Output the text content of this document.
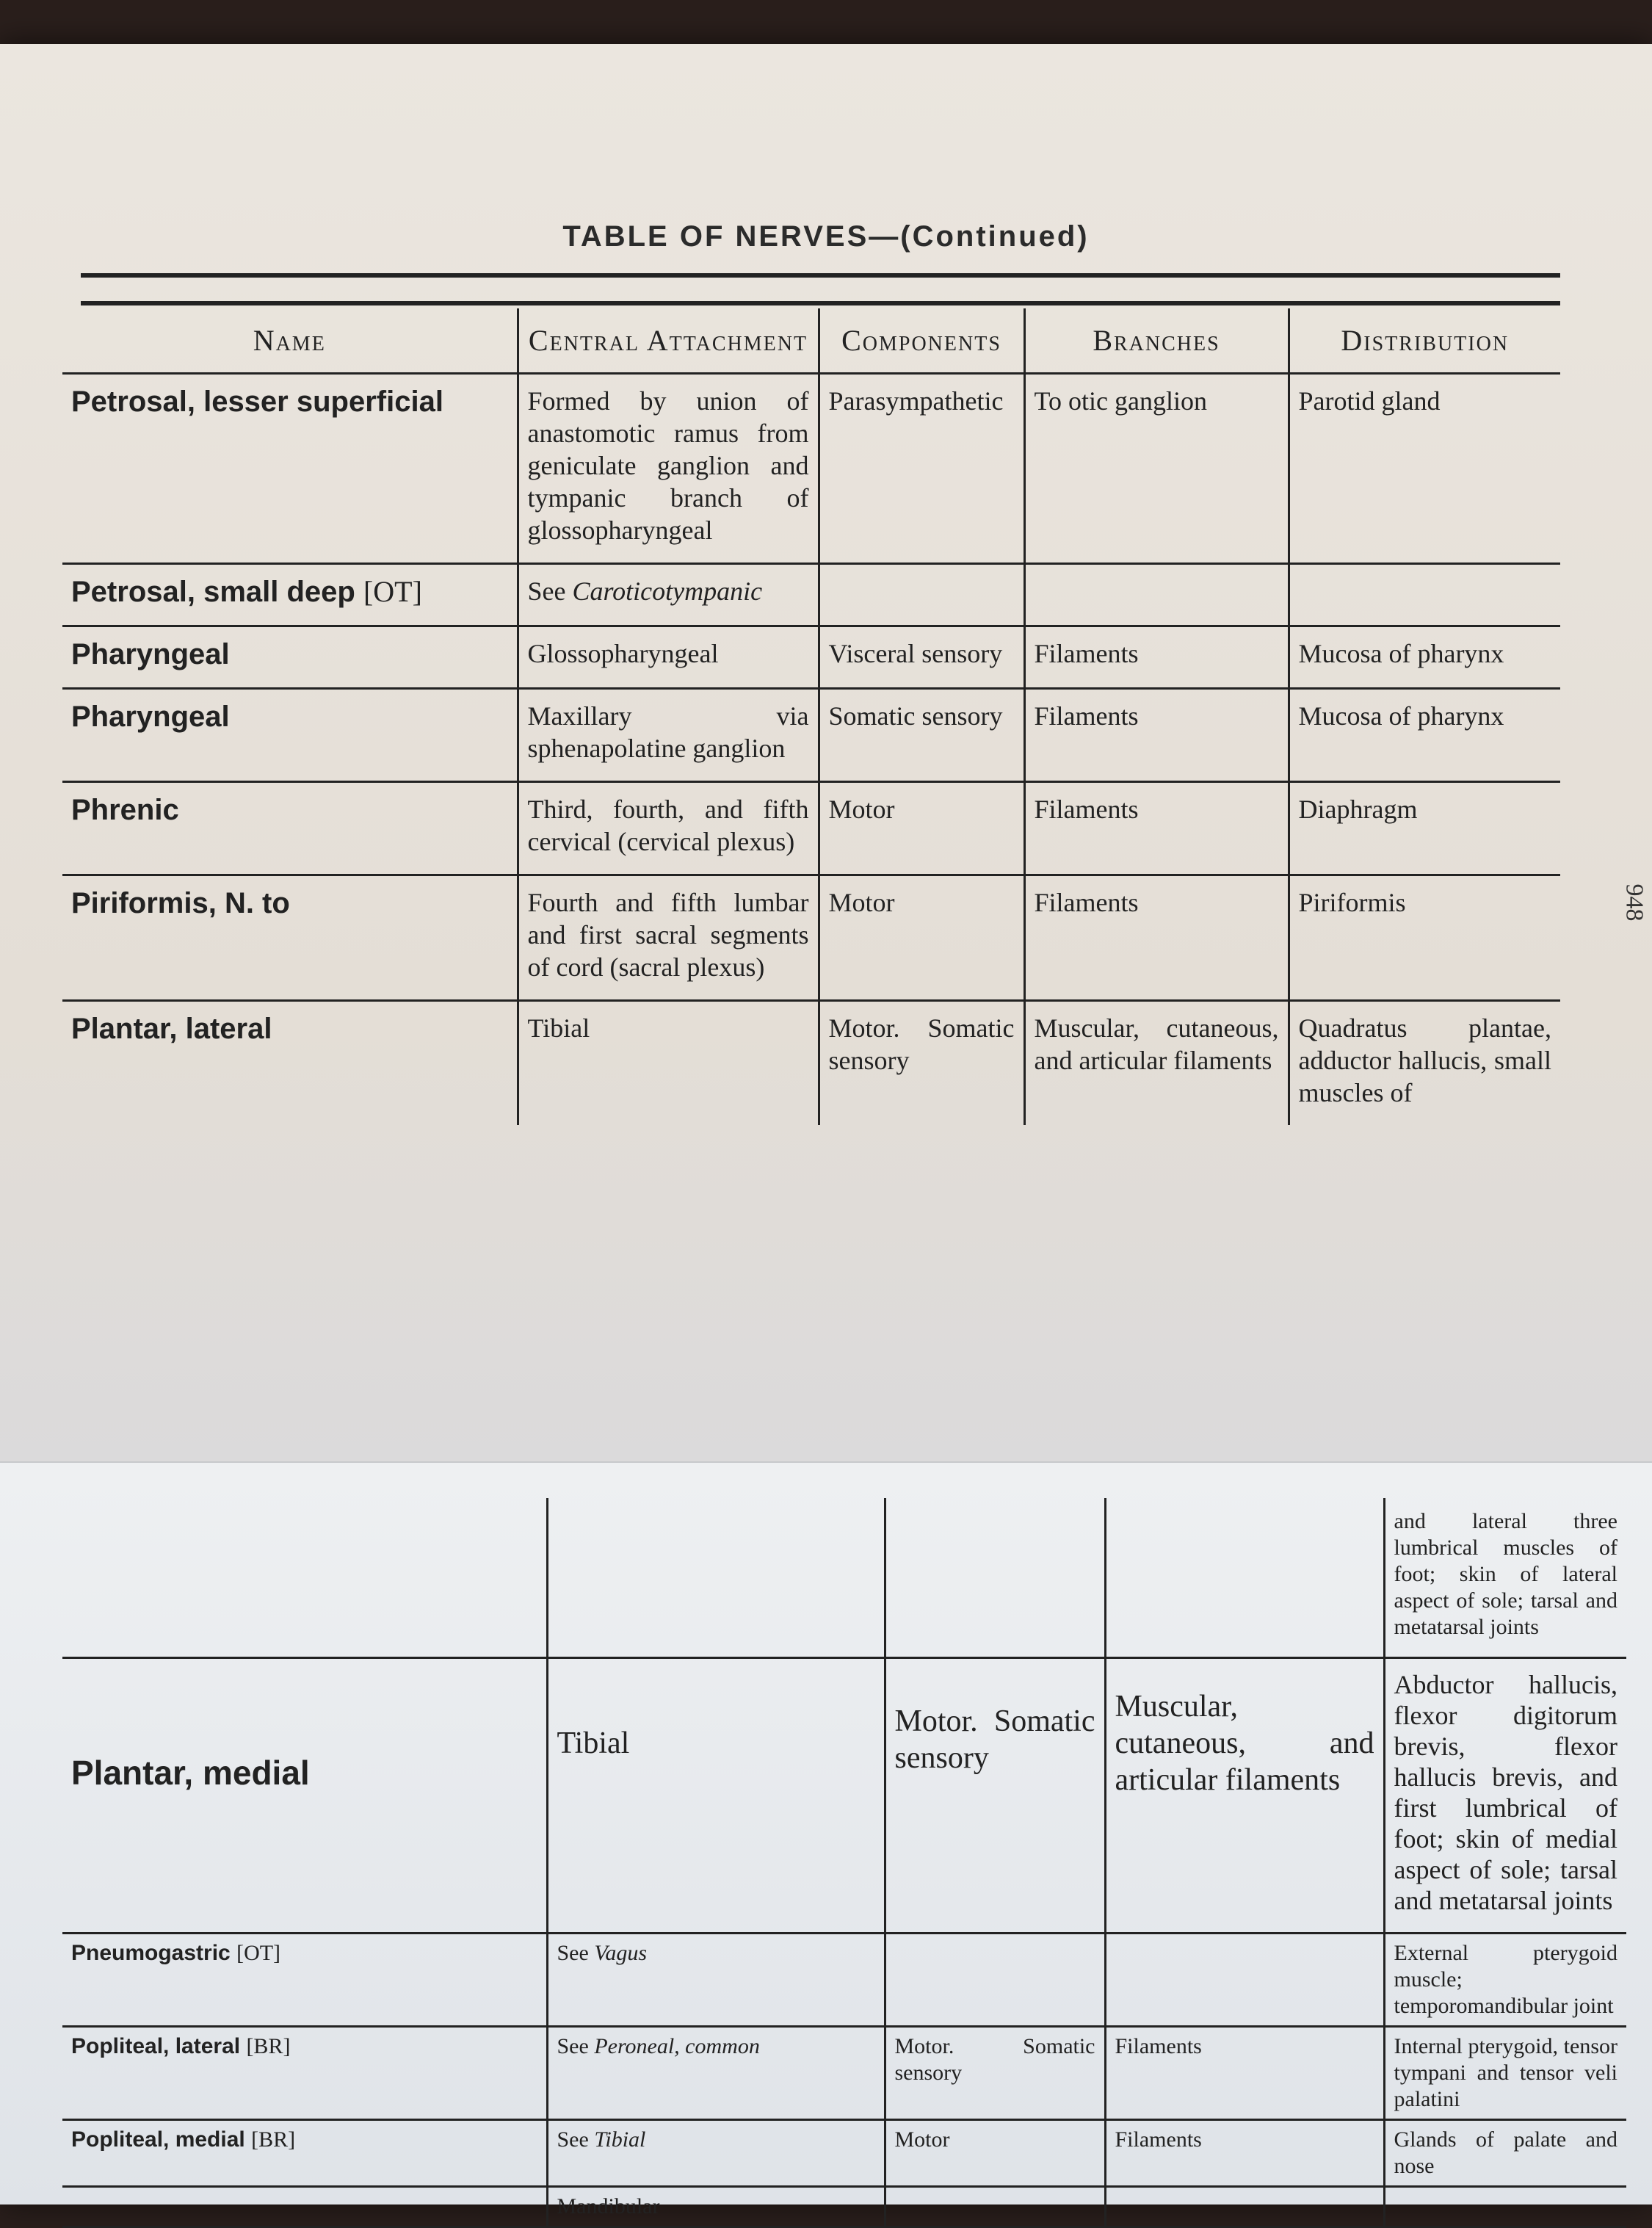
TABLE OF NERVES—(Continued)
948
Name	Central Attachment	Components	Branches	Distribution
Petrosal, lesser superficial	Formed by union of anastomotic ramus from geniculate ganglion and tympanic branch of glossopharyngeal	Parasympathetic	To otic ganglion	Parotid gland
Petrosal, small deep [OT]	See Caroticotympanic			
Pharyngeal	Glossopharyngeal	Visceral sensory	Filaments	Mucosa of pharynx
Pharyngeal	Maxillary via sphenapolatine ganglion	Somatic sensory	Filaments	Mucosa of pharynx
Phrenic	Third, fourth, and fifth cervical (cervical plexus)	Motor	Filaments	Diaphragm
Piriformis, N. to	Fourth and fifth lumbar and first sacral segments of cord (sacral plexus)	Motor	Filaments	Piriformis
Plantar, lateral	Tibial	Motor. Somatic sensory	Muscular, cutaneous, and articular filaments	Quadratus plantae, adductor hallucis, small muscles of
				and lateral three lumbrical muscles of foot; skin of lateral aspect of sole; tarsal and metatarsal joints
Plantar, medial	Tibial	Motor. Somatic sensory	Muscular, cutaneous, and articular filaments	Abductor hallucis, flexor digitorum brevis, flexor hallucis brevis, and first lumbrical of foot; skin of medial aspect of sole; tarsal and metatarsal joints
Pneumogastric [OT]	See Vagus			External pterygoid muscle; temporomandibular joint
Popliteal, lateral [BR]	See Peroneal, common	Motor. Somatic sensory	Filaments	Internal pterygoid, tensor tympani and tensor veli palatini
Popliteal, medial [BR]	See Tibial	Motor	Filaments	Glands of palate and nose
	Mandibular			
